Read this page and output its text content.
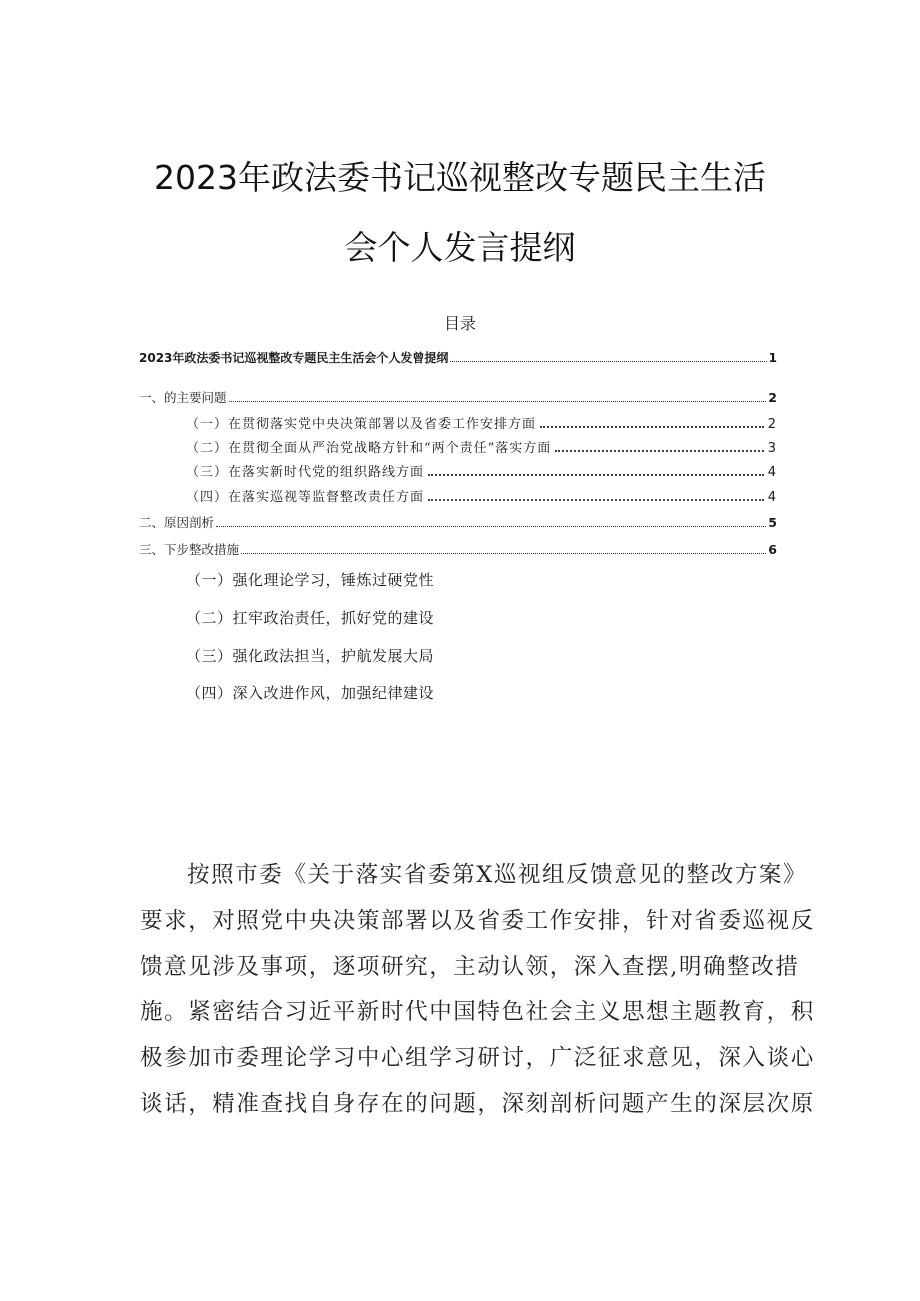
2023年政法委书记巡视整改专题民主生活
会个人发言提纲
目录
2023年政法委书记巡视整改专题民主生活会个人发曾提纲	1
一、的主要问题	2
（一）在贯彻落实党中央决策部署以及省委工作安排方面	2
（二）在贯彻全面从严治党战略方针和“两个责任”落实方面	3
（三）在落实新时代党的组织路线方面	4
（四）在落实巡视等监督整改责任方面	4
二、原因剖析	5
三、下步整改措施	6
（一）强化理论学习，锤炼过硬党性
（二）扛牢政治责任，抓好党的建设
（三）强化政法担当，护航发展大局
（四）深入改进作风，加强纪律建设
按照市委《关于落实省委第X巡视组反馈意见的整改方案》
要求，对照党中央决策部署以及省委工作安排，针对省委巡视反
馈意见涉及事项，逐项研究，主动认领，深入查摆,明确整改措
施。紧密结合习近平新时代中国特色社会主义思想主题教育，积
极参加市委理论学习中心组学习研讨，广泛征求意见，深入谈心
谈话，精准查找自身存在的问题，深刻剖析问题产生的深层次原
